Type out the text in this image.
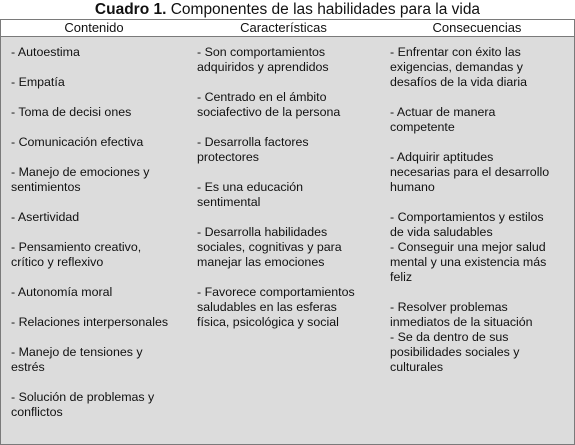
Cuadro 1. Componentes de las habilidades para la vida
Contenido	Características	Consecuencias
- Autoestima
- Empatía
- Toma de decisi ones
- Comunicación efectiva
- Manejo de emociones y
sentimientos
- Asertividad
- Pensamiento creativo,
crítico y reflexivo
- Autonomía moral
- Relaciones interpersonales
- Manejo de tensiones y
estrés
- Solución de problemas y
conflictos
- Son comportamientos
adquiridos y aprendidos
- Centrado en el ámbito
sociafectivo de la persona
- Desarrolla factores
protectores
- Es una educación
sentimental
- Desarrolla habilidades
sociales, cognitivas y para
manejar las emociones
- Favorece comportamientos
saludables en las esferas
física, psicológica y social
- Enfrentar con éxito las
exigencias, demandas y
desafíos de la vida diaria
- Actuar de manera
competente
- Adquirir aptitudes
necesarias para el desarrollo
humano
- Comportamientos y estilos
de vida saludables
- Conseguir una mejor salud
mental y una existencia más
feliz
- Resolver problemas
inmediatos de la situación
- Se da dentro de sus
posibilidades sociales y
culturales
